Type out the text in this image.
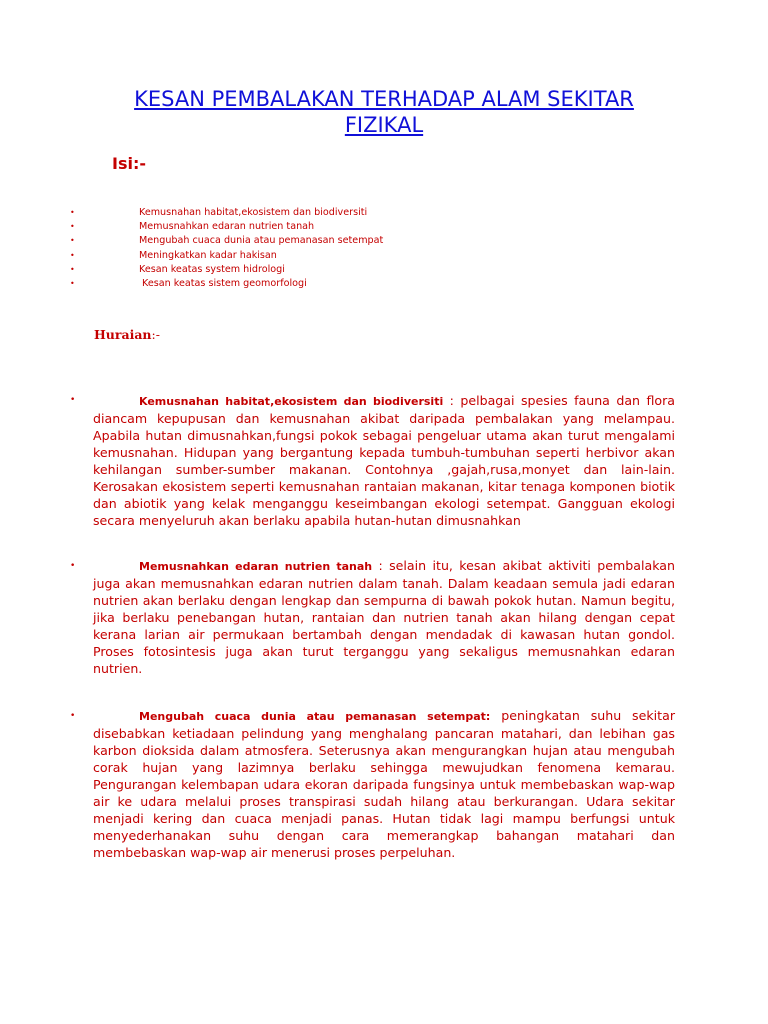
KESAN PEMBALAKAN TERHADAP ALAM SEKITAR FIZIKAL

Isi:-

•	Kemusnahan habitat,ekosistem dan biodiversiti
•	Memusnahkan edaran nutrien tanah
•	Mengubah cuaca dunia atau pemanasan setempat
•	Meningkatkan kadar hakisan
•	Kesan keatas system hidrologi
•	Kesan keatas sistem geomorfologi

Huraian:-

•	Kemusnahan habitat,ekosistem dan biodiversiti : pelbagai spesies fauna dan flora diancam kepupusan dan kemusnahan akibat daripada pembalakan yang melampau. Apabila hutan dimusnahkan,fungsi pokok sebagai pengeluar utama akan turut mengalami kemusnahan. Hidupan yang bergantung kepada tumbuh-tumbuhan seperti herbivor akan kehilangan sumber-sumber makanan. Contohnya ,gajah,rusa,monyet dan lain-lain. Kerosakan ekosistem seperti kemusnahan rantaian makanan, kitar tenaga komponen biotik dan abiotik yang kelak menganggu keseimbangan ekologi setempat. Gangguan ekologi secara menyeluruh akan berlaku apabila hutan-hutan dimusnahkan

•	Memusnahkan edaran nutrien tanah : selain itu, kesan akibat aktiviti pembalakan juga akan memusnahkan edaran nutrien dalam tanah. Dalam keadaan semula jadi edaran nutrien akan berlaku dengan lengkap dan sempurna di bawah pokok hutan. Namun begitu, jika berlaku penebangan hutan, rantaian dan nutrien tanah akan hilang dengan cepat kerana larian air permukaan bertambah dengan mendadak di kawasan hutan gondol. Proses fotosintesis juga akan turut terganggu yang sekaligus memusnahkan edaran nutrien.

•	Mengubah cuaca dunia atau pemanasan setempat: peningkatan suhu sekitar disebabkan ketiadaan pelindung yang menghalang pancaran matahari, dan lebihan gas karbon dioksida dalam atmosfera. Seterusnya akan mengurangkan hujan atau mengubah corak hujan yang lazimnya berlaku sehingga mewujudkan fenomena kemarau. Pengurangan kelembapan udara ekoran daripada fungsinya untuk membebaskan wap-wap air ke udara melalui proses transpirasi sudah hilang atau berkurangan. Udara sekitar menjadi kering dan cuaca menjadi panas. Hutan tidak lagi mampu berfungsi untuk menyederhanakan suhu dengan cara memerangkap bahangan matahari dan membebaskan wap-wap air menerusi proses perpeluhan.
